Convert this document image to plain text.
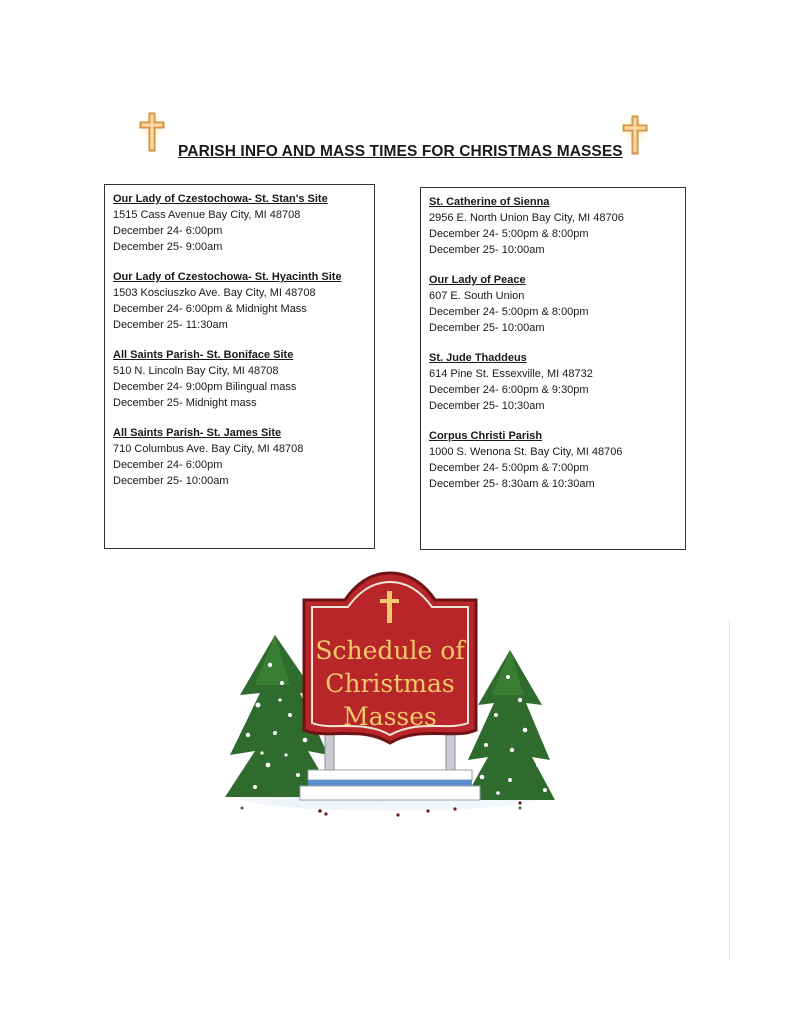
PARISH INFO AND MASS TIMES FOR CHRISTMAS MASSES
Our Lady of Czestochowa- St. Stan's Site
1515 Cass Avenue Bay City, MI 48708
December 24- 6:00pm
December 25- 9:00am
Our Lady of Czestochowa- St. Hyacinth Site
1503 Kosciuszko Ave. Bay City, MI 48708
December 24- 6:00pm & Midnight Mass
December 25- 11:30am
All Saints Parish- St. Boniface Site
510 N. Lincoln Bay City, MI 48708
December 24- 9:00pm Bilingual mass
December 25- Midnight mass
All Saints Parish- St. James Site
710 Columbus Ave. Bay City, MI 48708
December 24- 6:00pm
December 25- 10:00am
St. Catherine of Sienna
2956 E. North Union Bay City, MI 48706
December 24- 5:00pm & 8:00pm
December 25- 10:00am
Our Lady of Peace
607 E. South Union
December 24- 5:00pm & 8:00pm
December 25- 10:00am
St. Jude Thaddeus
614 Pine St. Essexville, MI 48732
December 24- 6:00pm & 9:30pm
December 25- 10:30am
Corpus Christi Parish
1000 S. Wenona St. Bay City, MI 48706
December 24- 5:00pm & 7:00pm
December 25- 8:30am & 10:30am
Schedule of
Christmas
Masses
